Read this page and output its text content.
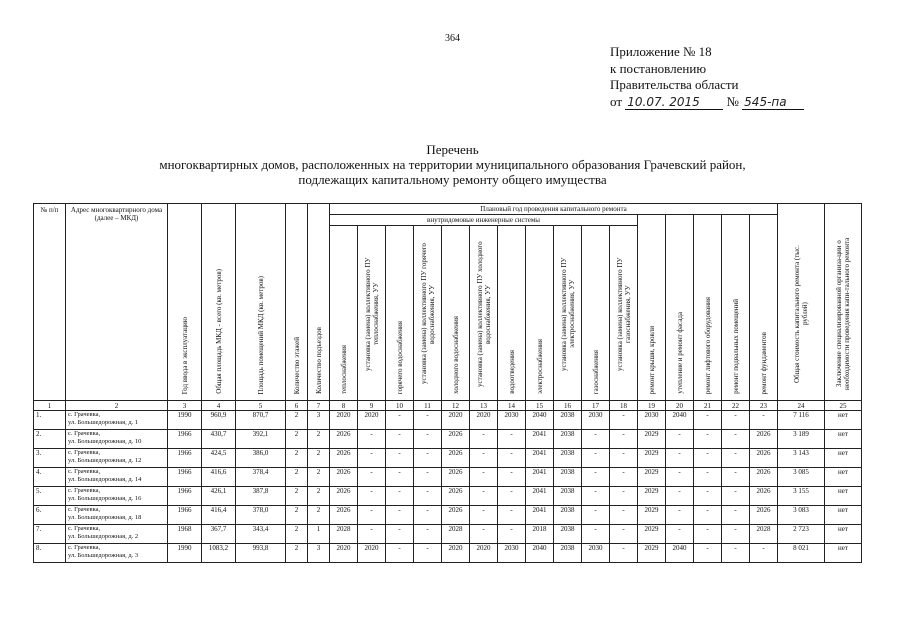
364
Приложение № 18
к постановлению
Правительства области
от 10.07. 2015 № 545-па
Перечень
многоквартирных домов, расположенных на территории муниципального образования Грачевский район,
подлежащих капитальному ремонту общего имущества
№ п/п	Адрес многоквартирного дома (далее – МКД)	Год ввода в эксплуатацию	Общая площадь МКД - всего (кв. метров)	Площадь помещений МКД (кв. метров)	Количество этажей	Количество подъездов	Плановый год проведения капитального ремонта																Общая стоимость капитального ремонта (тыс. рублей)	Заключение специализированной организа-ции о необходимости проведения капи-тального ремонта
							внутридомовые инженерные системы											ремонт крыши, кровли	утепление и ремонт фасада	ремонт лифтового оборудования	ремонт подвальных помещений	ремонт фундаментов		
							теплоснабжения	установка (замена) коллективного ПУ теплоснабжения, УУ	горячего водоснабжения	установка (замена) коллективного ПУ горячего водоснабжения, УУ	холодного водоснабжения	установка (замена) коллективного ПУ холодного водоснабжения, УУ	водоотведения	электроснабжения	установка (замена) коллективного ПУ электроснабжения, УУ	газоснабжения	установка (замена) коллективного ПУ газоснабжения, УУ							
1	2	3	4	5	6	7	8	9	10	11	12	13	14	15	16	17	18	19	20	21	22	23	24	25
1.	с. Грачевка,
ул. Большедорожная, д. 1	1990	960,9	870,7	2	3	2020	2020	-	-	2020	2020	2030	2040	2038	2030	-	2030	2040	-	-	-	7 116	нет
2.	с. Грачевка,
ул. Большедорожная, д. 10	1966	430,7	392,1	2	2	2026	-	-	-	2026	-	-	2041	2038	-	-	2029	-	-	-	2026	3 189	нет
3.	с. Грачевка,
ул. Большедорожная, д. 12	1966	424,5	386,0	2	2	2026	-	-	-	2026	-	-	2041	2038	-	-	2029	-	-	-	2026	3 143	нет
4.	с. Грачевка,
ул. Большедорожная, д. 14	1966	416,6	378,4	2	2	2026	-	-	-	2026	-	-	2041	2038	-	-	2029	-	-	-	2026	3 085	нет
5.	с. Грачевка,
ул. Большедорожная, д. 16	1966	426,1	387,8	2	2	2026	-	-	-	2026	-	-	2041	2038	-	-	2029	-	-	-	2026	3 155	нет
6.	с. Грачевка,
ул. Большедорожная, д. 18	1966	416,4	378,0	2	2	2026	-	-	-	2026	-	-	2041	2038	-	-	2029	-	-	-	2026	3 083	нет
7.	с. Грачевка,
ул. Большедорожная, д. 2	1968	367,7	343,4	2	1	2028	-	-	-	2028	-	-	2018	2038	-	-	2029	-	-	-	2028	2 723	нет
8.	с. Грачевка,
ул. Большедорожная, д. 3	1990	1083,2	993,8	2	3	2020	2020	-	-	2020	2020	2030	2040	2038	2030	-	2029	2040	-	-	-	8 021	нет
